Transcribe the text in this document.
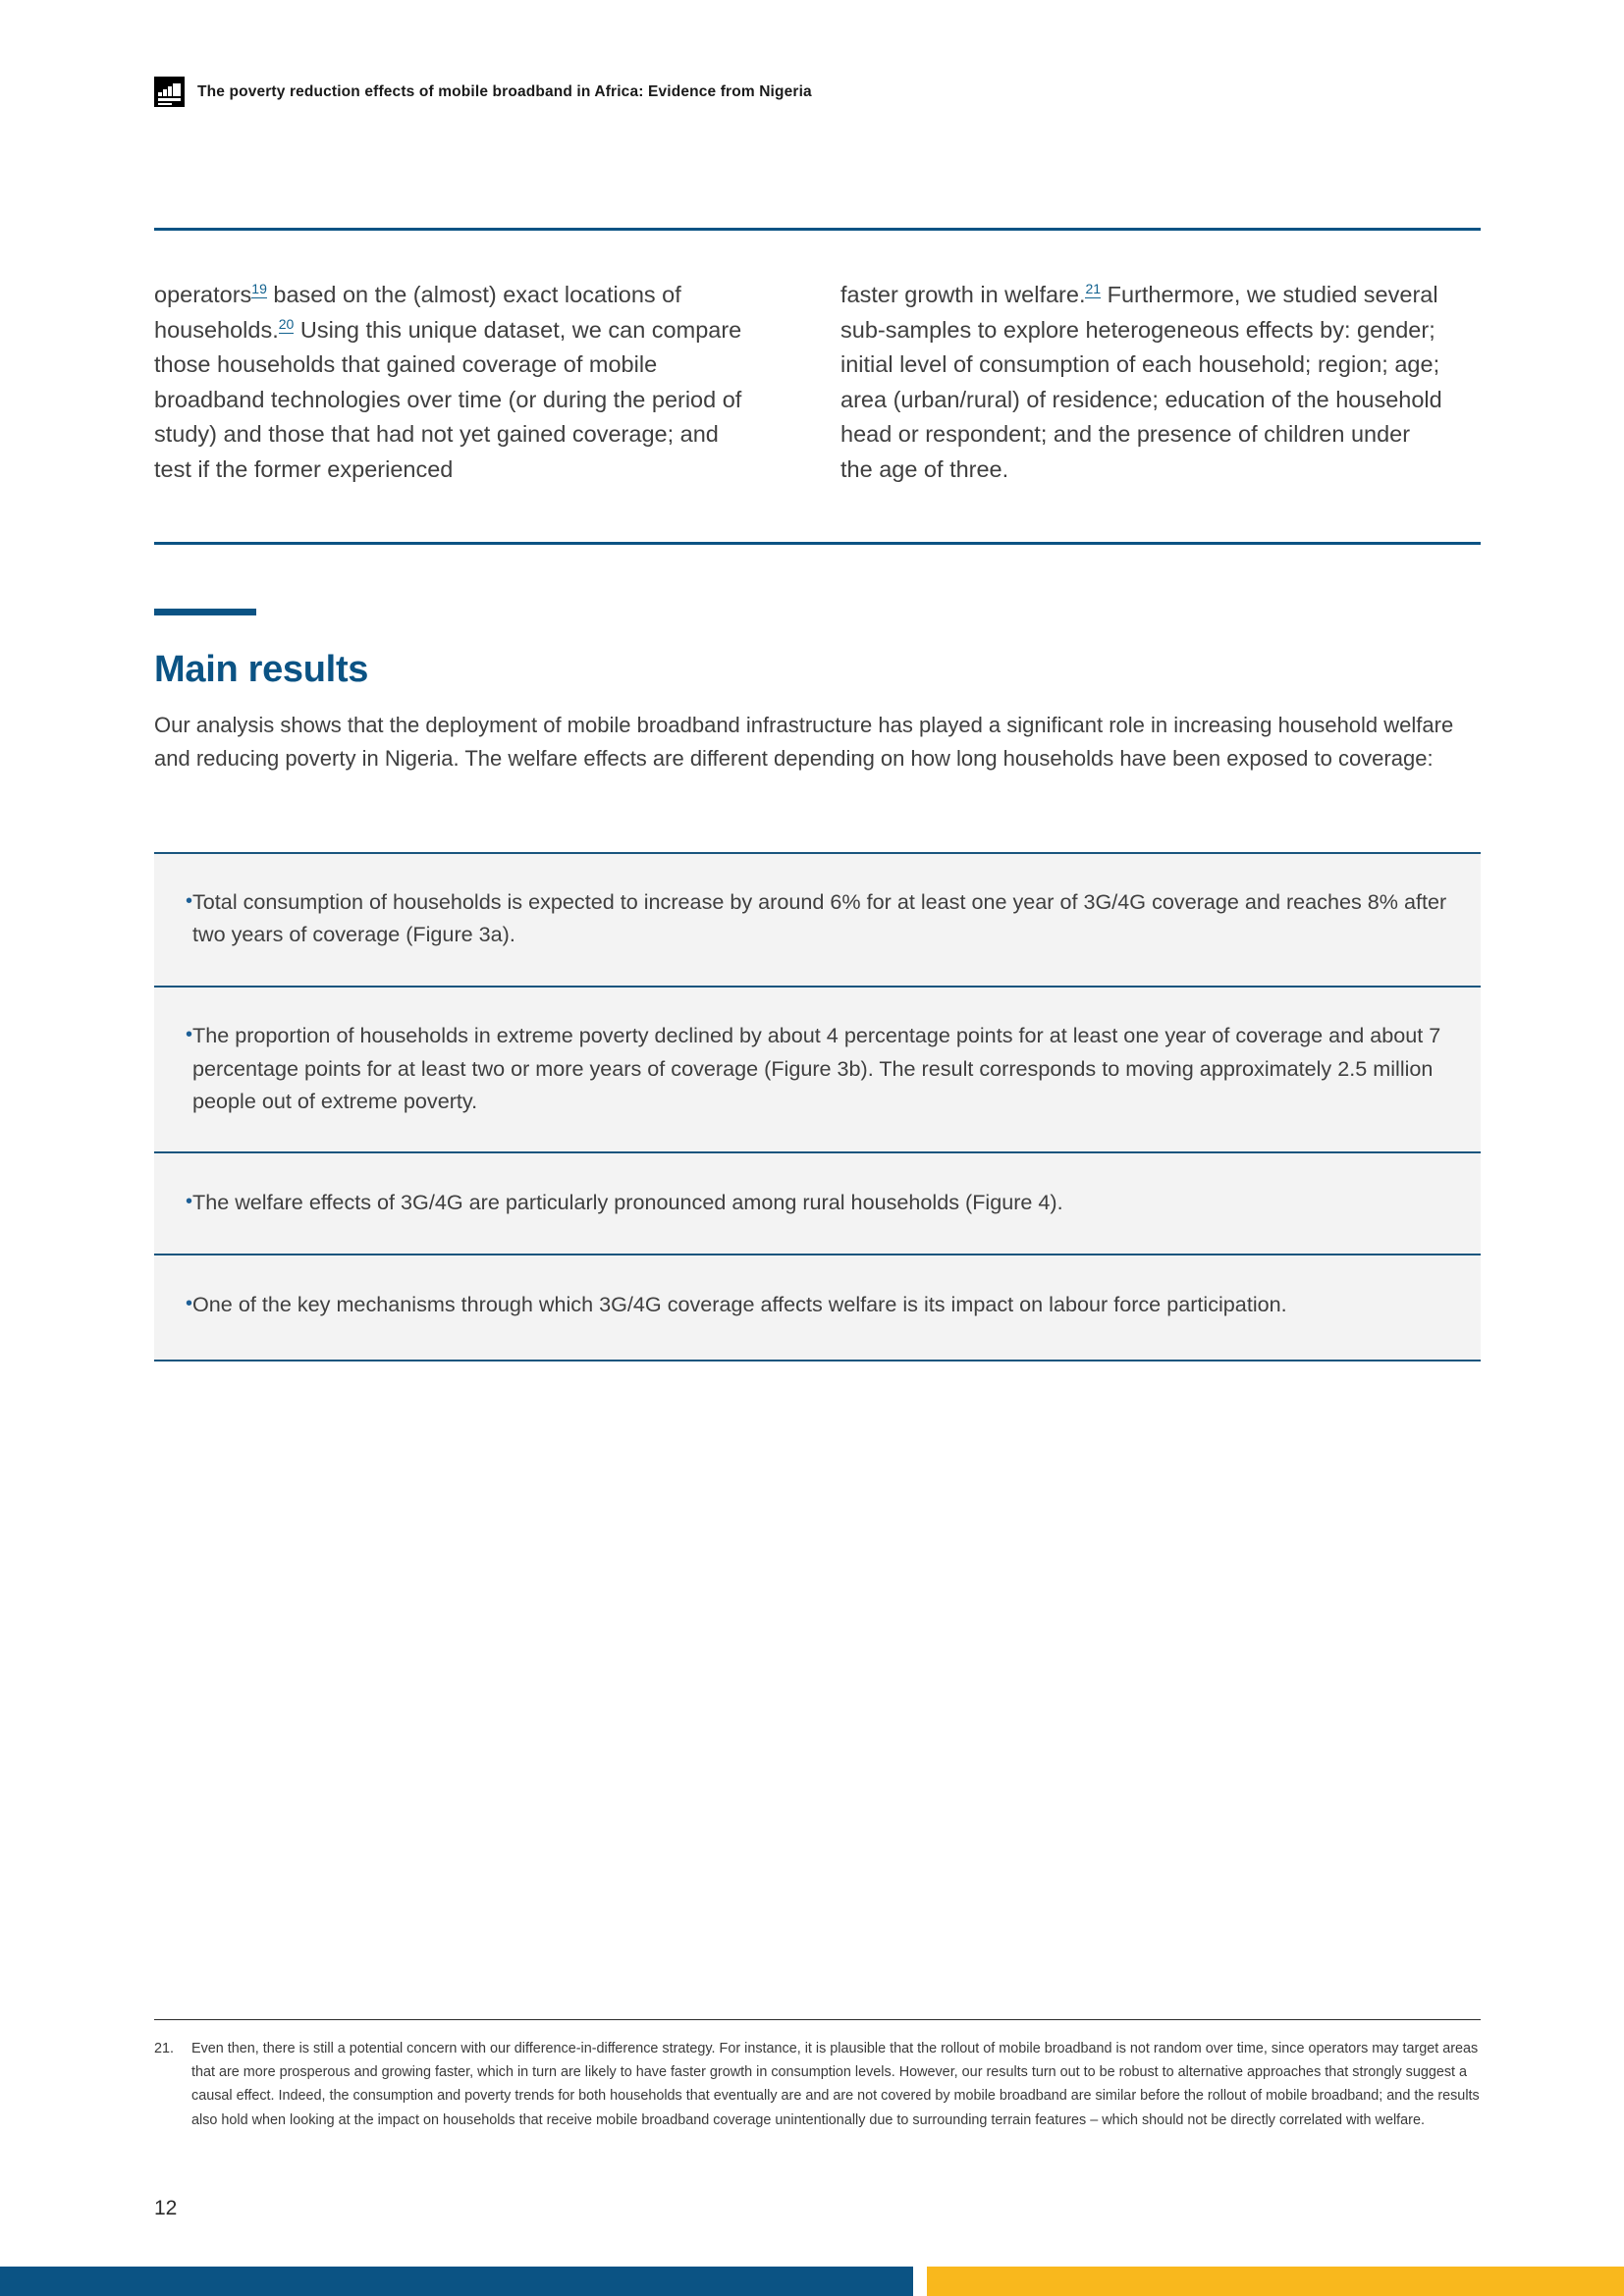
The poverty reduction effects of mobile broadband in Africa: Evidence from Nigeria

operators$^{19}$ based on the (almost) exact locations of households.$^{20}$ Using this unique dataset, we can compare those households that gained coverage of mobile broadband technologies over time (or during the period of study) and those that had not yet gained coverage; and test if the former experienced

faster growth in welfare.$^{21}$ Furthermore, we studied several sub-samples to explore heterogeneous effects by: gender; initial level of consumption of each household; region; age; area (urban/rural) of residence; education of the household head or respondent; and the presence of children under the age of three.

Main results

Our analysis shows that the deployment of mobile broadband infrastructure has played a significant role in increasing household welfare and reducing poverty in Nigeria. The welfare effects are different depending on how long households have been exposed to coverage:

• Total consumption of households is expected to increase by around 6% for at least one year of 3G/4G coverage and reaches 8% after two years of coverage (Figure 3a).
• The proportion of households in extreme poverty declined by about 4 percentage points for at least one year of coverage and about 7 percentage points for at least two or more years of coverage (Figure 3b). The result corresponds to moving approximately 2.5 million people out of extreme poverty.
• The welfare effects of 3G/4G are particularly pronounced among rural households (Figure 4).
• One of the key mechanisms through which 3G/4G coverage affects welfare is its impact on labour force participation.
21.	Even then, there is still a potential concern with our difference-in-difference strategy. For instance, it is plausible that the rollout of mobile broadband is not random over time, since operators may target areas that are more prosperous and growing faster, which in turn are likely to have faster growth in consumption levels. However, our results turn out to be robust to alternative approaches that strongly suggest a causal effect. Indeed, the consumption and poverty trends for both households that eventually are and are not covered by mobile broadband are similar before the rollout of mobile broadband; and the results also hold when looking at the impact on households that receive mobile broadband coverage unintentionally due to surrounding terrain features – which should not be directly correlated with welfare.
12
